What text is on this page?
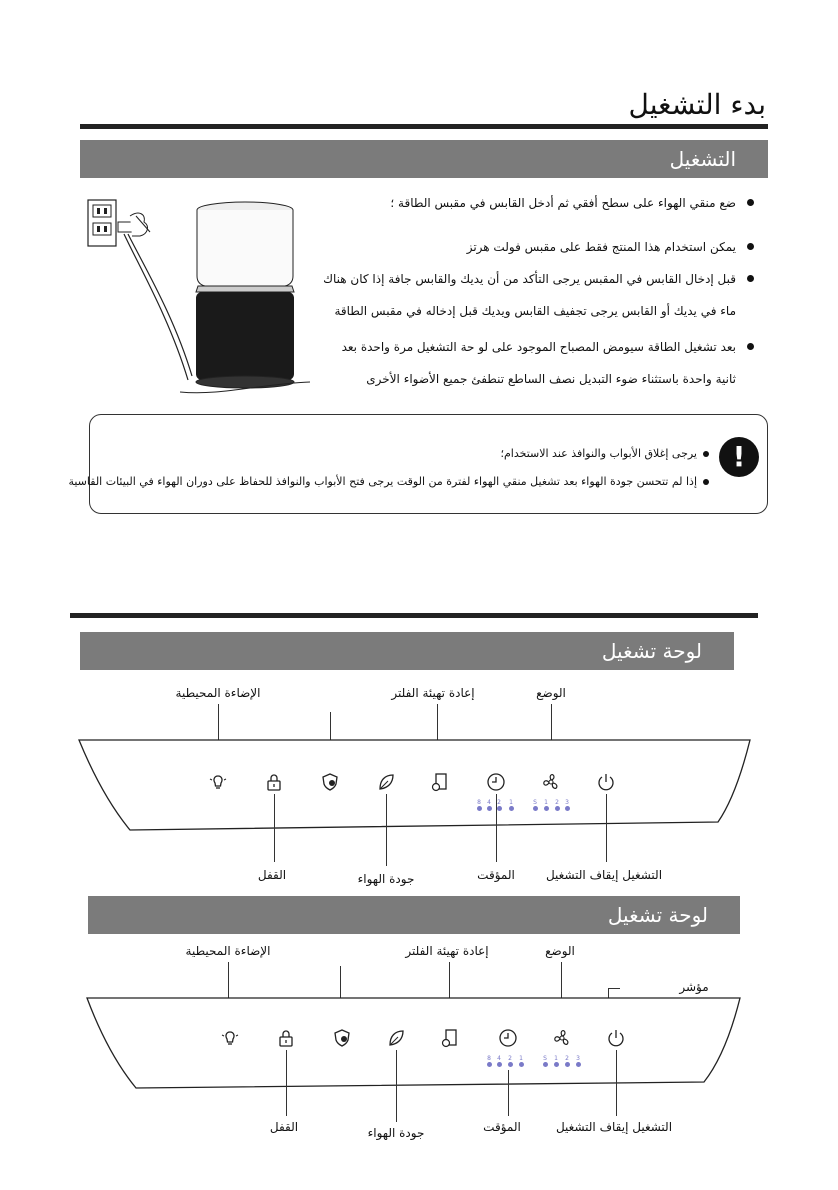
بدء التشغيل
التشغيل
ضع منقي الهواء على سطح أفقي ثم أدخل القابس في مقبس الطاقة ؛
يمكن استخدام هذا المنتج فقط على مقبس فولت هرتز
قبل إدخال القابس في المقبس يرجى التأكد من أن يديك والقابس جافة إذا كان هناك
ماء في يديك أو القابس يرجى تجفيف القابس ويديك قبل إدخاله في مقبس الطاقة
بعد تشغيل الطاقة سيومض المصباح الموجود على لو حة التشغيل مرة واحدة بعد
ثانية واحدة باستثناء ضوء التبديل نصف الساطع تنطفئ جميع الأضواء الأخرى
!
يرجى إغلاق الأبواب والنوافذ عند الاستخدام؛
إذا لم تتحسن جودة الهواء بعد تشغيل منقي الهواء لفترة من الوقت يرجى فتح الأبواب والنوافذ للحفاظ على دوران الهواء في البيئات القاسية
لوحة تشغيل
الإضاءة المحيطية	إعادة تهيئة الفلتر	الوضع
8 4 2 1	S 1 2 3
القفل	جودة الهواء	المؤقت	التشغيل إيقاف التشغيل
لوحة تشغيل
الإضاءة المحيطية	إعادة تهيئة الفلتر	الوضع
مؤشر
8 4 2 1	S 1 2 3
القفل	جودة الهواء	المؤقت	التشغيل إيقاف التشغيل
